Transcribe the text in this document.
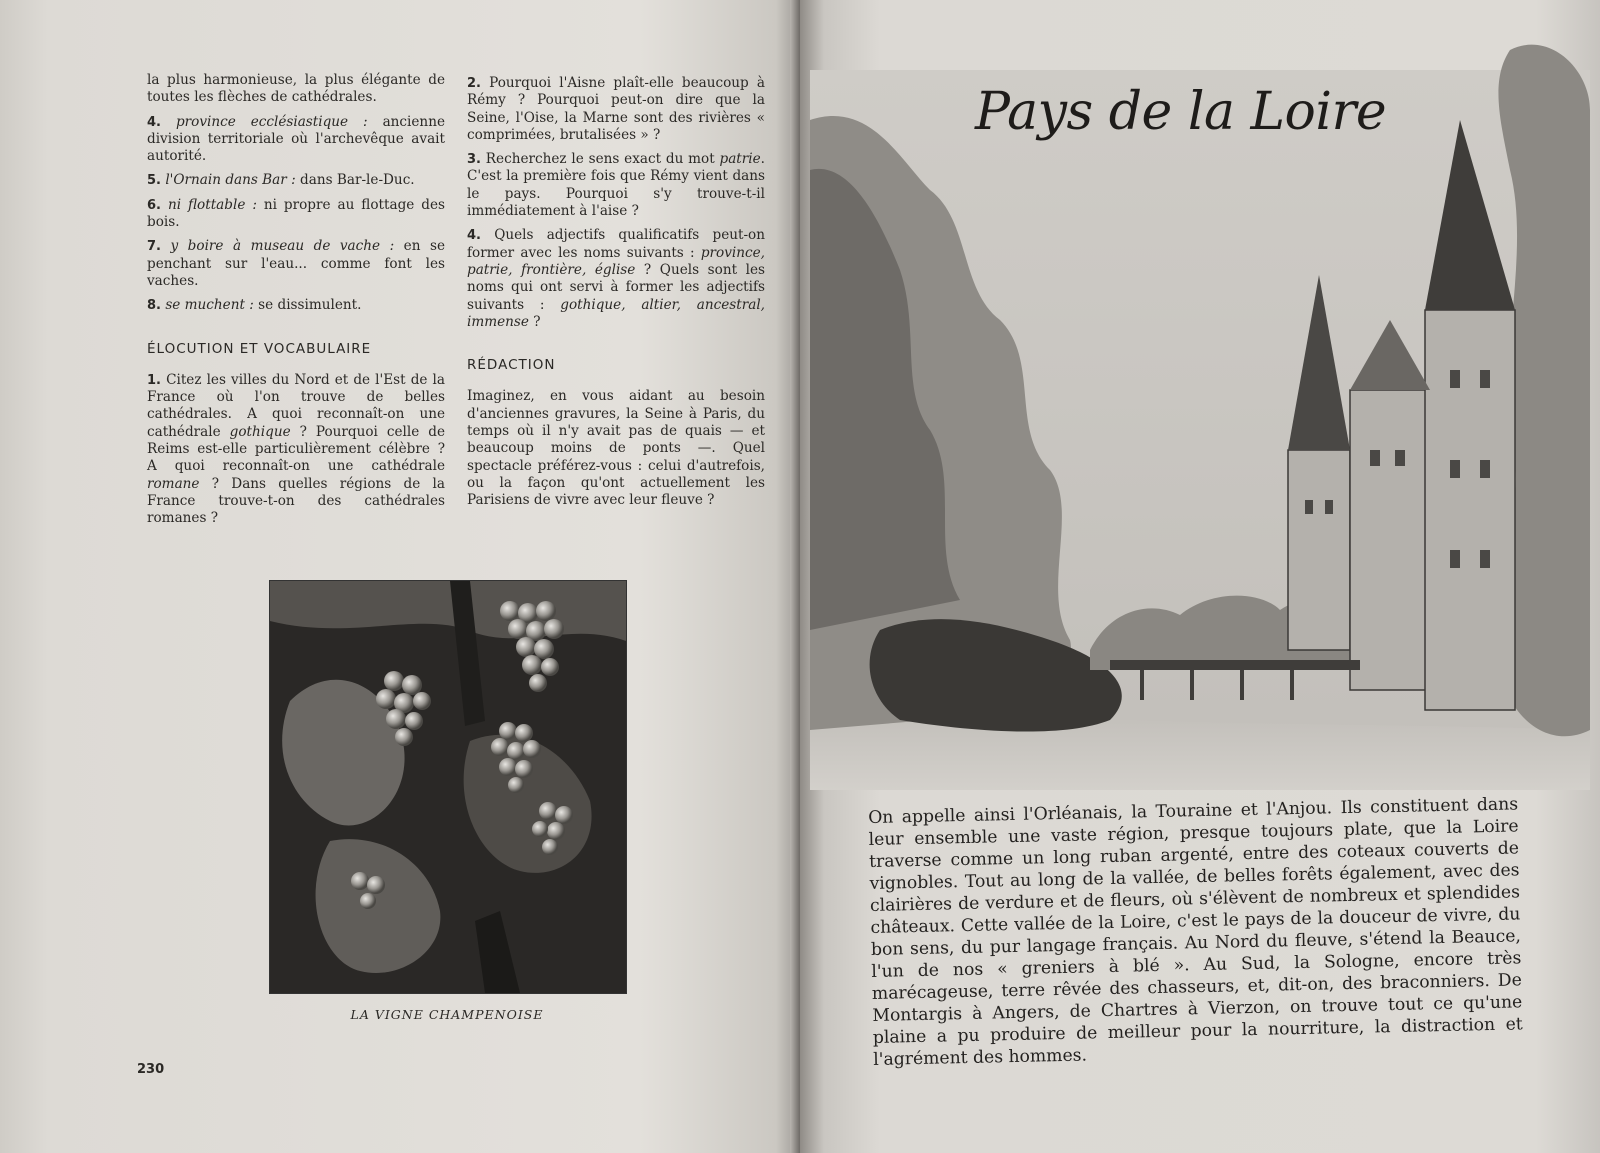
la plus harmonieuse, la plus élégante de toutes les flèches de cathédrales.

4. province ecclésiastique : ancienne division territoriale où l'archevêque avait autorité.

5. l'Ornain dans Bar : dans Bar-le-Duc.

6. ni flottable : ni propre au flottage des bois.

7. y boire à museau de vache : en se penchant sur l'eau... comme font les vaches.

8. se muchent : se dissimulent.

ÉLOCUTION ET VOCABULAIRE

1. Citez les villes du Nord et de l'Est de la France où l'on trouve de belles cathédrales. A quoi reconnaît-on une cathédrale gothique ? Pourquoi celle de Reims est-elle particulièrement célèbre ? A quoi reconnaît-on une cathédrale romane ? Dans quelles régions de la France trouve-t-on des cathédrales romanes ?

2. Pourquoi l'Aisne plaît-elle beaucoup à Rémy ? Pourquoi peut-on dire que la Seine, l'Oise, la Marne sont des rivières « comprimées, brutalisées » ?

3. Recherchez le sens exact du mot patrie. C'est la première fois que Rémy vient dans le pays. Pourquoi s'y trouve-t-il immédiatement à l'aise ?

4. Quels adjectifs qualificatifs peut-on former avec les noms suivants : province, patrie, frontière, église ? Quels sont les noms qui ont servi à former les adjectifs suivants : gothique, altier, ancestral, immense ?

RÉDACTION

Imaginez, en vous aidant au besoin d'anciennes gravures, la Seine à Paris, du temps où il n'y avait pas de quais — et beaucoup moins de ponts —. Quel spectacle préférez-vous : celui d'autrefois, ou la façon qu'ont actuellement les Parisiens de vivre avec leur fleuve ?

LA VIGNE CHAMPENOISE
230
Pays de la Loire

On appelle ainsi l'Orléanais, la Touraine et l'Anjou. Ils constituent dans leur ensemble une vaste région, presque toujours plate, que la Loire traverse comme un long ruban argenté, entre des coteaux couverts de vignobles. Tout au long de la vallée, de belles forêts également, avec des clairières de verdure et de fleurs, où s'élèvent de nombreux et splendides châteaux. Cette vallée de la Loire, c'est le pays de la douceur de vivre, du bon sens, du pur langage français. Au Nord du fleuve, s'étend la Beauce, l'un de nos « greniers à blé ». Au Sud, la Sologne, encore très marécageuse, terre rêvée des chasseurs, et, dit-on, des braconniers. De Montargis à Angers, de Chartres à Vierzon, on trouve tout ce qu'une plaine a pu produire de meilleur pour la nourriture, la distraction et l'agrément des hommes.
